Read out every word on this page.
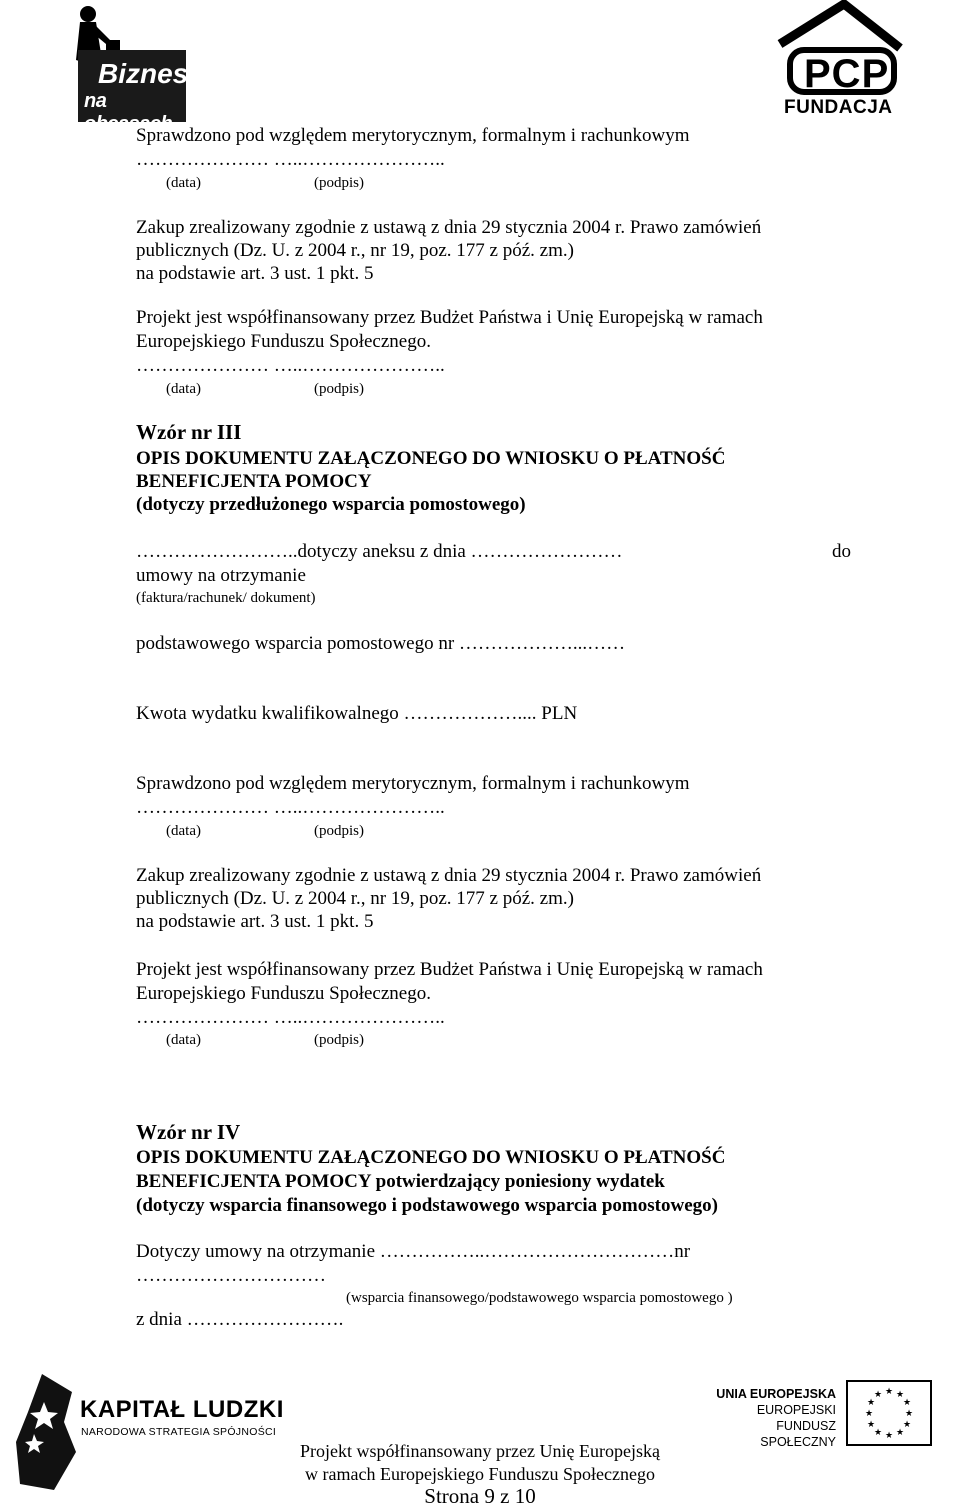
Biznes
na obcasach
PCP
FUNDACJA
Sprawdzono pod względem merytorycznym, formalnym i rachunkowym
………………… …..…………………..
(data)	(podpis)
Zakup zrealizowany zgodnie z ustawą z dnia 29 stycznia 2004 r. Prawo zamówień
publicznych (Dz. U. z 2004 r., nr 19, poz. 177 z póź. zm.)
na podstawie art. 3 ust. 1 pkt. 5
Projekt jest współfinansowany przez Budżet Państwa i Unię Europejską w ramach
Europejskiego Funduszu Społecznego.
………………… …..…………………..
(data)	(podpis)
Wzór nr III
OPIS DOKUMENTU ZAŁĄCZONEGO DO WNIOSKU O PŁATNOŚĆ
BENEFICJENTA POMOCY
(dotyczy przedłużonego wsparcia pomostowego)
……………………..dotyczy aneksu z dnia ……………………	do
umowy na otrzymanie
(faktura/rachunek/ dokument)
podstawowego wsparcia pomostowego nr ………………...……
Kwota wydatku kwalifikowalnego ……………….... PLN
Sprawdzono pod względem merytorycznym, formalnym i rachunkowym
………………… …..…………………..
(data)	(podpis)
Zakup zrealizowany zgodnie z ustawą z dnia 29 stycznia 2004 r. Prawo zamówień
publicznych (Dz. U. z 2004 r., nr 19, poz. 177 z póź. zm.)
na podstawie art. 3 ust. 1 pkt. 5
Projekt jest współfinansowany przez Budżet Państwa i Unię Europejską w ramach
Europejskiego Funduszu Społecznego.
………………… …..…………………..
(data)	(podpis)
Wzór nr IV
OPIS DOKUMENTU ZAŁĄCZONEGO DO WNIOSKU O PŁATNOŚĆ
BENEFICJENTA POMOCY potwierdzający poniesiony wydatek
(dotyczy wsparcia finansowego i podstawowego wsparcia pomostowego)
Dotyczy umowy na otrzymanie ……………..…………………………nr
…………………………
(wsparcia finansowego/podstawowego wsparcia pomostowego )
z dnia …………………….
KAPITAŁ LUDZKI
NARODOWA STRATEGIA SPÓJNOŚCI
UNIA EUROPEJSKA
EUROPEJSKI
FUNDUSZ SPOŁECZNY
★ ★
★
★
★
★
★
★
★
★
★
★
Projekt współfinansowany przez Unię Europejską
w ramach Europejskiego Funduszu Społecznego
Strona 9 z 10
